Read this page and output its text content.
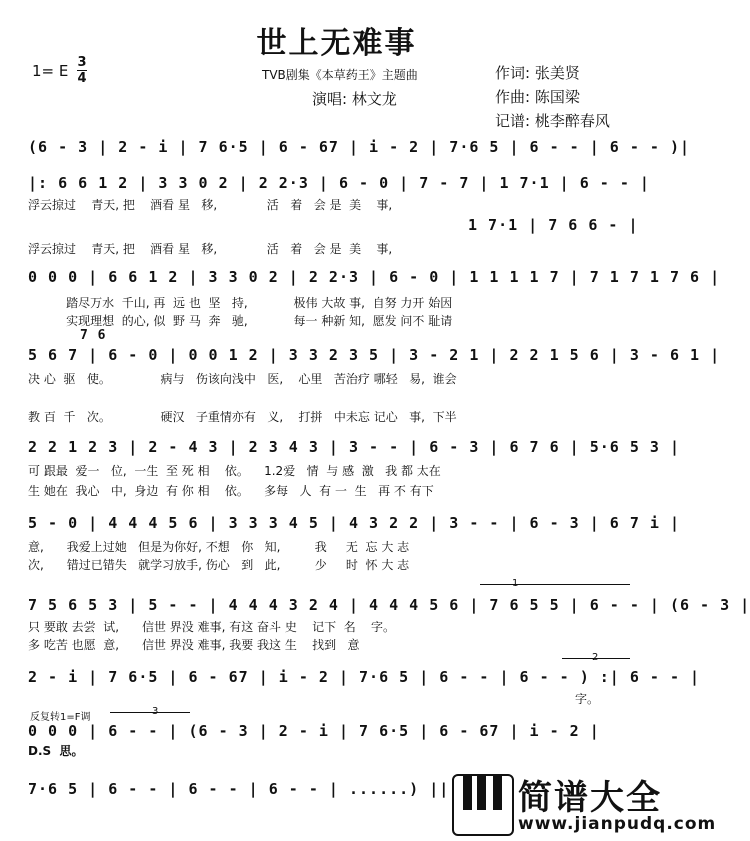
世上无难事
1= E 3
4	TVB剧集《本草药王》主题曲
演唱: 林文龙
作词: 张美贤
作曲: 陈国梁
记谱: 桃李醉春风
(6 - 3 | 2 - i | 7 6·5 | 6 - 67 | i - 2 | 7·6 5 | 6 - - | 6 - - )|
|: 6 6 1 2 | 3 3 0 2 | 2 2·3 | 6 - 0 | 7 - 7 | 1 7·1 | 6 - - |
浮云掠过    青天, 把    酒看 星   移,             活   着   会 是  美    事,
1 7·1 | 7 6 6 - |
浮云掠过    青天, 把    酒看 星   移,             活   着   会 是  美    事,
0 0 0 | 6 6 1 2 | 3 3 0 2 | 2 2·3 | 6 - 0 | 1 1 1 1 7 | 7 1 7 1 7 6 |
踏尽万水  千山, 再  远 也  坚   持,            极伟 大故 事,  自努 力开 始因
实现理想  的心, 似  野 马  奔   驰,            每一 种新 知,  愿发 问不 耻请
7 6
5 6 7 | 6 - 0 | 0 0 1 2 | 3 3 2 3 5 | 3 - 2 1 | 2 2 1 5 6 | 3 - 6 1 |
决 心  驱   使。             病与   伤该向浅中   医,    心里   苦治疗 哪轻   易,  谁会
教 百  千   次。             硬汉   子重情亦有   义,    打拼   中未忘 记心   事,  下半
2 2 1 2 3 | 2 - 4 3 | 2 3 4 3 | 3 - - | 6 - 3 | 6 7 6 | 5·6 5 3 |
可 跟最  爱一   位,  一生  至 死 相    依。    1.2爱   情  与 感  激   我 都 太在
生 她在  我心   中,  身边  有 你 相    依。    多每   人  有 一  生   再 不 有下
5 - 0 | 4 4 4 5 6 | 3 3 3 4 5 | 4 3 2 2 | 3 - - | 6 - 3 | 6 7 i |
意,      我爱上过她   但是为你好, 不想   你   知,         我     无  忘 大 志
次,      错过已错失   就学习放手, 伤心   到   此,         少     时  怀 大 志
1
7 5 6 5 3 | 5 - - | 4 4 4 3 2 4 | 4 4 4 5 6 | 7 6 5 5 | 6 - - | (6 - 3 |
只 要敢 去尝  试,      信世 界没 难事, 有这 奋斗 史    记下  名    字。
多 吃苦 也愿  意,      信世 界没 难事, 我要 我这 生    找到   意
2
2 - i | 7 6·5 | 6 - 67 | i - 2 | 7·6 5 | 6 - - | 6 - - ) :| 6 - - |
字。
反复转1=F调
3
0 0 0 | 6 - - | (6 - 3 | 2 - i | 7 6·5 | 6 - 67 | i - 2 |
D.S  思。
7·6 5 | 6 - - | 6 - - | 6 - - | ......) || 简谱大全
www.jianpudq.com
